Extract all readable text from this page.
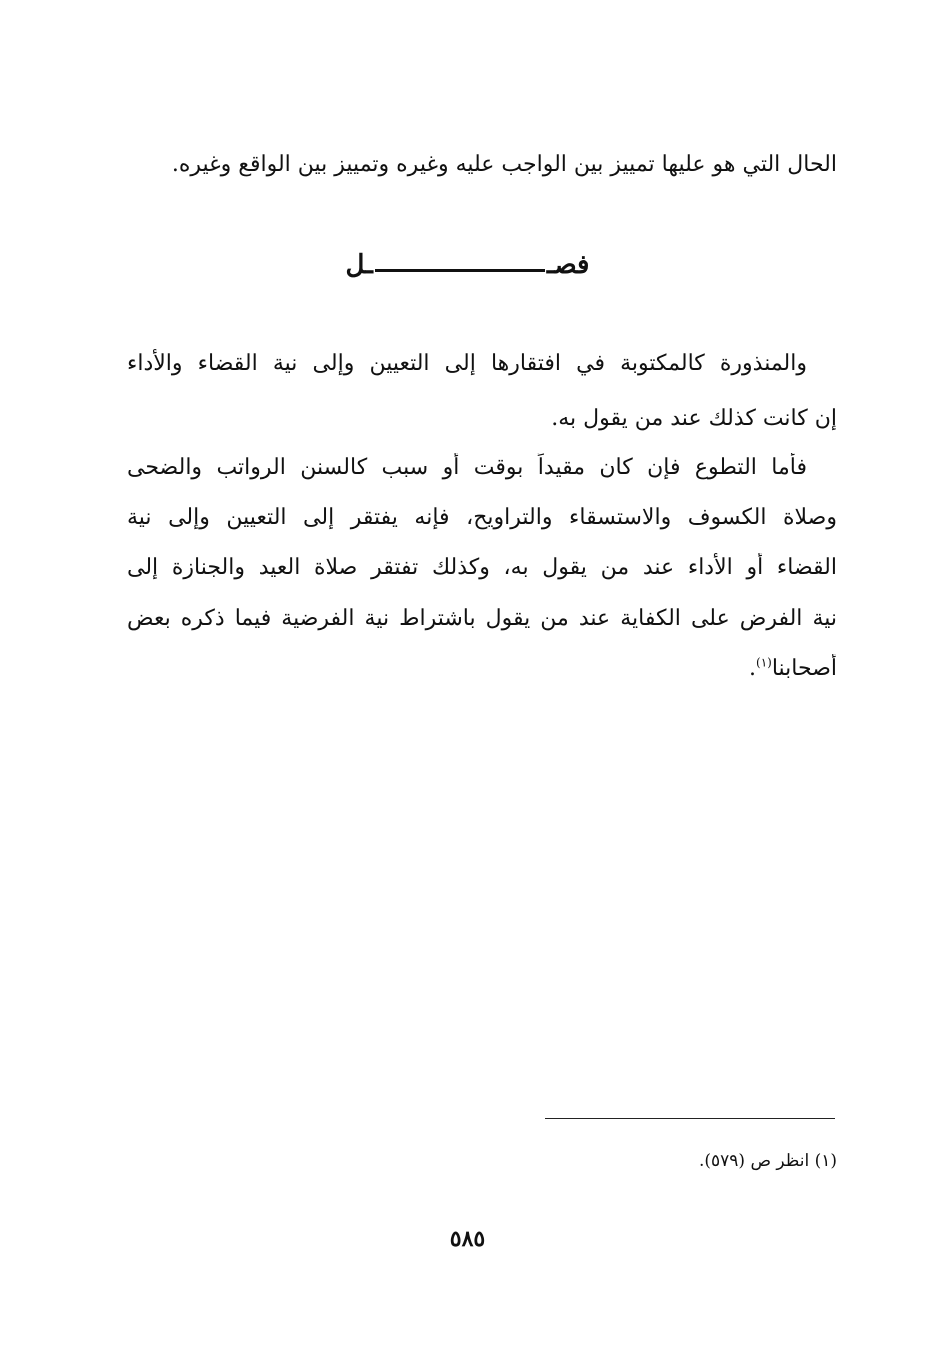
الحال التي هو عليها تمييز بين الواجب عليه وغيره وتمييز بين الواقع وغيره.
فصــل
والمنذورة كالمكتوبة في افتقارها إلى التعيين وإلى نية القضاء والأداء
إن كانت كذلك عند من يقول به.
فأما التطوع فإن كان مقيداً بوقت أو سبب كالسنن الرواتب والضحى
وصلاة الكسوف والاستسقاء والتراويح، فإنه يفتقر إلى التعيين وإلى نية
القضاء أو الأداء عند من يقول به، وكذلك تفتقر صلاة العيد والجنازة إلى
نية الفرض على الكفاية عند من يقول باشتراط نية الفرضية فيما ذكره بعض
أصحابنا$^{(١)}$.
(١) انظر ص (٥٧٩).
٥٨٥
